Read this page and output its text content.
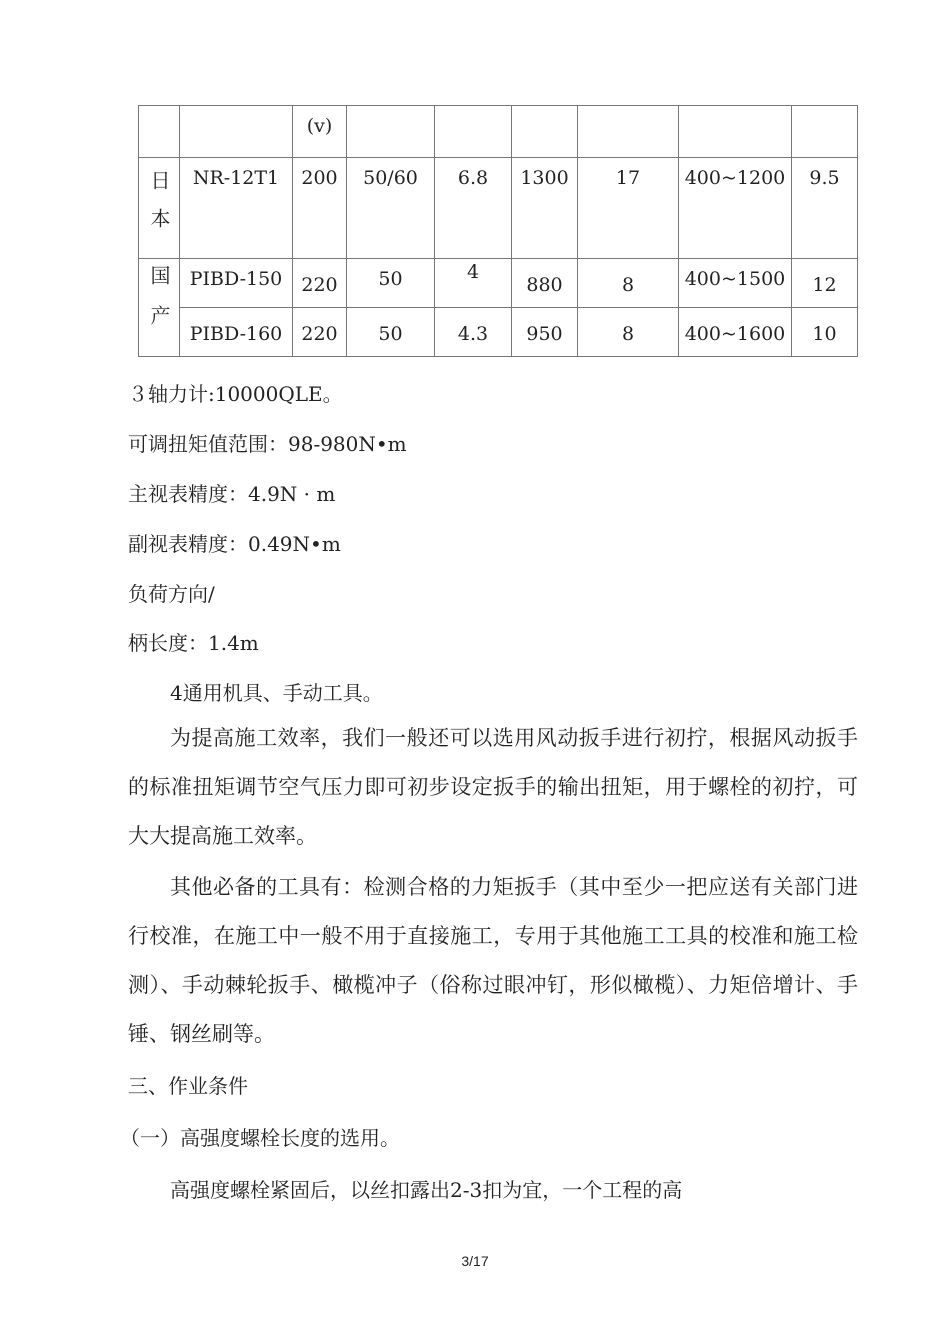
		(v)						

日本	NR-12T1	200	50/60	6.8	1300	17	400~1200	9.5

国产	PIBD-150	220	50	4	880	8	400~1500	12

	PIBD-160	220	50	4.3	950	8	400~1600	10
３轴力计:10000QLE。
可调扭矩值范围：98-980N•m
主视表精度：4.9N · m
副视表精度：0.49N•m
负荷方向/
柄长度：1.4m
4通用机具、手动工具。
为提高施工效率，我们一般还可以选用风动扳手进行初拧，根据风动扳手的标准扭矩调节空气压力即可初步设定扳手的输出扭矩，用于螺栓的初拧，可大大提高施工效率。
其他必备的工具有：检测合格的力矩扳手（其中至少一把应送有关部门进行校准，在施工中一般不用于直接施工，专用于其他施工工具的校准和施工检测）、手动棘轮扳手、橄榄冲子（俗称过眼冲钉，形似橄榄）、力矩倍增计、手锤、钢丝刷等。
三、作业条件
（一）高强度螺栓长度的选用。
高强度螺栓紧固后，以丝扣露出2-3扣为宜，一个工程的高
3/17
